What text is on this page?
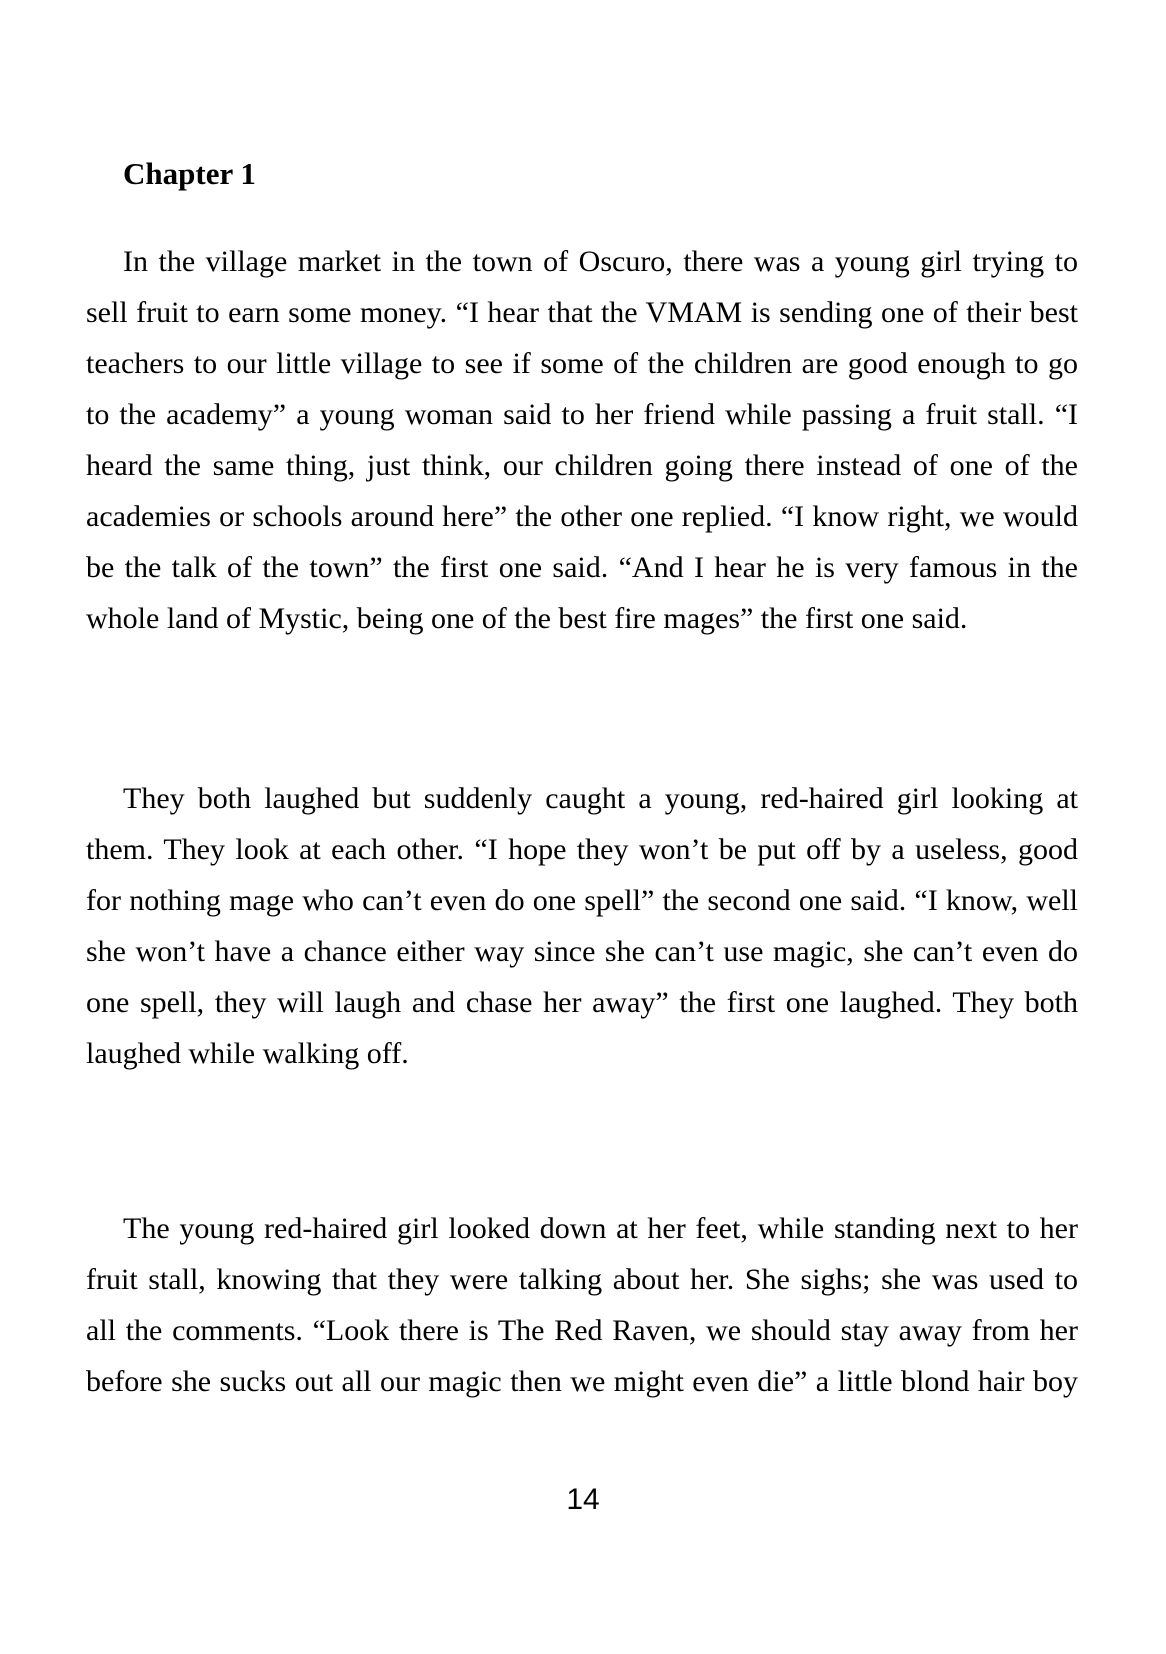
Chapter 1
In the village market in the town of Oscuro, there was a young girl trying to
sell fruit to earn some money. “I hear that the VMAM is sending one of their best
teachers to our little village to see if some of the children are good enough to go
to the academy” a young woman said to her friend while passing a fruit stall. “I
heard the same thing, just think, our children going there instead of one of the
academies or schools around here” the other one replied. “I know right, we would
be the talk of the town” the first one said. “And I hear he is very famous in the
whole land of Mystic, being one of the best fire mages” the first one said.
They both laughed but suddenly caught a young, red-haired girl looking at
them. They look at each other. “I hope they won’t be put off by a useless, good
for nothing mage who can’t even do one spell” the second one said. “I know, well
she won’t have a chance either way since she can’t use magic, she can’t even do
one spell, they will laugh and chase her away” the first one laughed. They both
laughed while walking off.
The young red-haired girl looked down at her feet, while standing next to her
fruit stall, knowing that they were talking about her. She sighs; she was used to
all the comments. “Look there is The Red Raven, we should stay away from her
before she sucks out all our magic then we might even die” a little blond hair boy
14
